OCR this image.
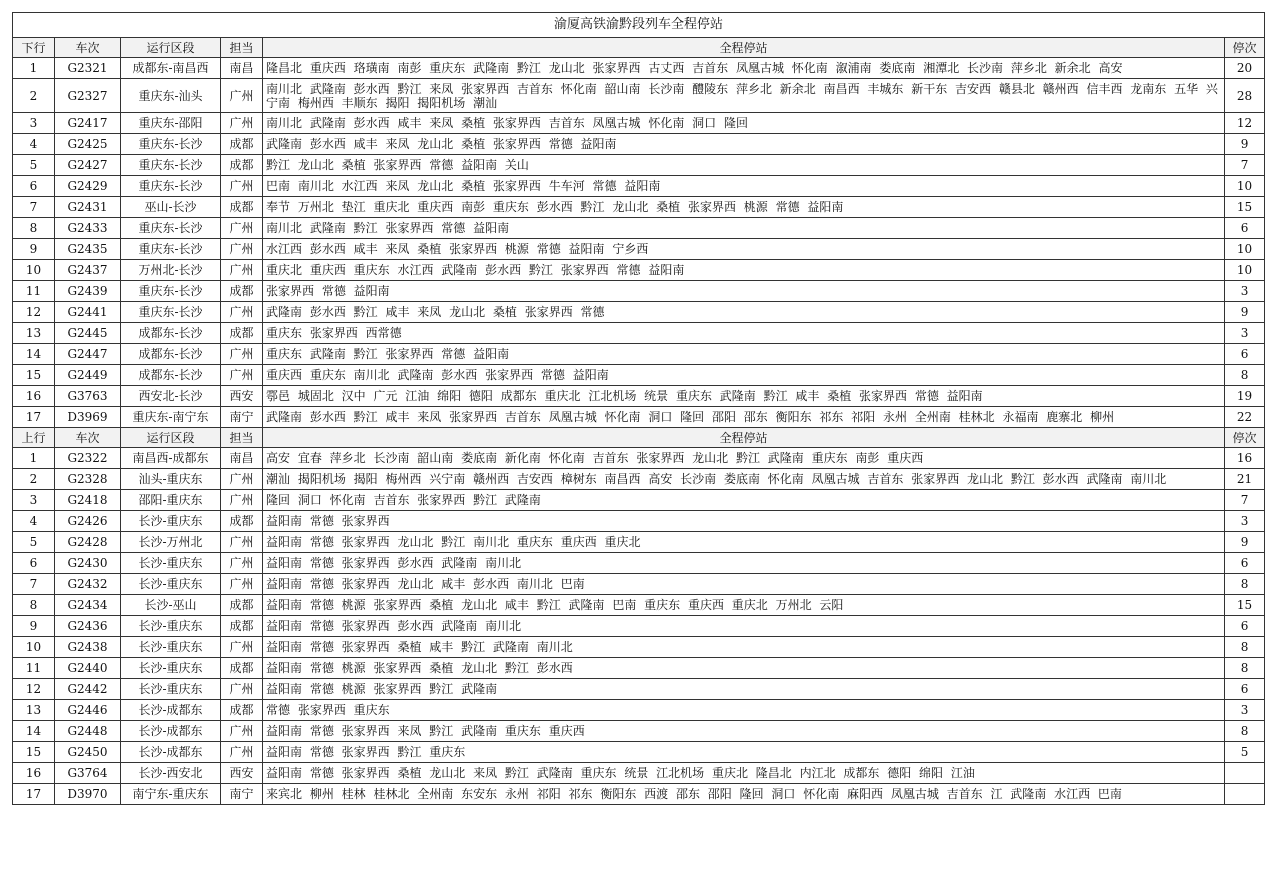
渝厦高铁渝黔段列车全程停站					
下行	车次	运行区段	担当	全程停站	停次
1	G2321	成都东-南昌西	南昌	隆昌北 重庆西 珞璜南 南彭 重庆东 武隆南 黔江 龙山北 张家界西 古丈西 吉首东 凤凰古城 怀化南 溆浦南 娄底南 湘潭北 长沙南 萍乡北 新余北 高安	20
2	G2327	重庆东-汕头	广州	南川北 武隆南 彭水西 黔江 来凤 张家界西 吉首东 怀化南 韶山南 长沙南 醴陵东 萍乡北 新余北 南昌西 丰城东 新干东 吉安西 赣县北 赣州西 信丰西 龙南东 五华 兴宁南 梅州西 丰顺东 揭阳 揭阳机场 潮汕	28
3	G2417	重庆东-邵阳	广州	南川北 武隆南 彭水西 咸丰 来凤 桑植 张家界西 吉首东 凤凰古城 怀化南 洞口 隆回	12
4	G2425	重庆东-长沙	成都	武隆南 彭水西 咸丰 来凤 龙山北 桑植 张家界西 常德 益阳南	9
5	G2427	重庆东-长沙	成都	黔江 龙山北 桑植 张家界西 常德 益阳南 关山	7
6	G2429	重庆东-长沙	广州	巴南 南川北 水江西 来凤 龙山北 桑植 张家界西 牛车河 常德 益阳南	10
7	G2431	巫山-长沙	成都	奉节 万州北 垫江 重庆北 重庆西 南彭 重庆东 彭水西 黔江 龙山北 桑植 张家界西 桃源 常德 益阳南	15
8	G2433	重庆东-长沙	广州	南川北 武隆南 黔江 张家界西 常德 益阳南	6
9	G2435	重庆东-长沙	广州	水江西 彭水西 咸丰 来凤 桑植 张家界西 桃源 常德 益阳南 宁乡西	10
10	G2437	万州北-长沙	广州	重庆北 重庆西 重庆东 水江西 武隆南 彭水西 黔江 张家界西 常德 益阳南	10
11	G2439	重庆东-长沙	成都	张家界西 常德 益阳南	3
12	G2441	重庆东-长沙	广州	武隆南 彭水西 黔江 咸丰 来凤 龙山北 桑植 张家界西 常德	9
13	G2445	成都东-长沙	成都	重庆东 张家界西 西常德	3
14	G2447	成都东-长沙	广州	重庆东 武隆南 黔江 张家界西 常德 益阳南	6
15	G2449	成都东-长沙	广州	重庆西 重庆东 南川北 武隆南 彭水西 张家界西 常德 益阳南	8
16	G3763	西安北-长沙	西安	鄠邑 城固北 汉中 广元 江油 绵阳 德阳 成都东 重庆北 江北机场 统景 重庆东 武隆南 黔江 咸丰 桑植 张家界西 常德 益阳南	19
17	D3969	重庆东-南宁东	南宁	武隆南 彭水西 黔江 咸丰 来凤 张家界西 吉首东 凤凰古城 怀化南 洞口 隆回 邵阳 邵东 衡阳东 祁东 祁阳 永州 全州南 桂林北 永福南 鹿寨北 柳州	22
上行	车次	运行区段	担当	全程停站	停次
1	G2322	南昌西-成都东	南昌	高安 宜春 萍乡北 长沙南 韶山南 娄底南 新化南 怀化南 吉首东 张家界西 龙山北 黔江 武隆南 重庆东 南彭 重庆西	16
2	G2328	汕头-重庆东	广州	潮汕 揭阳机场 揭阳 梅州西 兴宁南 赣州西 吉安西 樟树东 南昌西 高安 长沙南 娄底南 怀化南 凤凰古城 吉首东 张家界西 龙山北 黔江 彭水西 武隆南 南川北	21
3	G2418	邵阳-重庆东	广州	隆回 洞口 怀化南 吉首东 张家界西 黔江 武隆南	7
4	G2426	长沙-重庆东	成都	益阳南 常德 张家界西	3
5	G2428	长沙-万州北	广州	益阳南 常德 张家界西 龙山北 黔江 南川北 重庆东 重庆西 重庆北	9
6	G2430	长沙-重庆东	广州	益阳南 常德 张家界西 彭水西 武隆南 南川北	6
7	G2432	长沙-重庆东	广州	益阳南 常德 张家界西 龙山北 咸丰 彭水西 南川北 巴南	8
8	G2434	长沙-巫山	成都	益阳南 常德 桃源 张家界西 桑植 龙山北 咸丰 黔江 武隆南 巴南 重庆东 重庆西 重庆北 万州北 云阳	15
9	G2436	长沙-重庆东	成都	益阳南 常德 张家界西 彭水西 武隆南 南川北	6
10	G2438	长沙-重庆东	广州	益阳南 常德 张家界西 桑植 咸丰 黔江 武隆南 南川北	8
11	G2440	长沙-重庆东	成都	益阳南 常德 桃源 张家界西 桑植 龙山北 黔江 彭水西	8
12	G2442	长沙-重庆东	广州	益阳南 常德 桃源 张家界西 黔江 武隆南	6
13	G2446	长沙-成都东	成都	常德 张家界西 重庆东	3
14	G2448	长沙-成都东	广州	益阳南 常德 张家界西 来凤 黔江 武隆南 重庆东 重庆西	8
15	G2450	长沙-成都东	广州	益阳南 常德 张家界西 黔江 重庆东	5
16	G3764	长沙-西安北	西安	益阳南 常德 张家界西 桑植 龙山北 来凤 黔江 武隆南 重庆东 统景 江北机场 重庆北 隆昌北 内江北 成都东 德阳 绵阳 江油	
17	D3970	南宁东-重庆东	南宁	来宾北 柳州 桂林 桂林北 全州南 东安东 永州 祁阳 祁东 衡阳东 西渡 邵东 邵阳 隆回 洞口 怀化南 麻阳西 凤凰古城 吉首东 江 武隆南 水江西 巴南	
